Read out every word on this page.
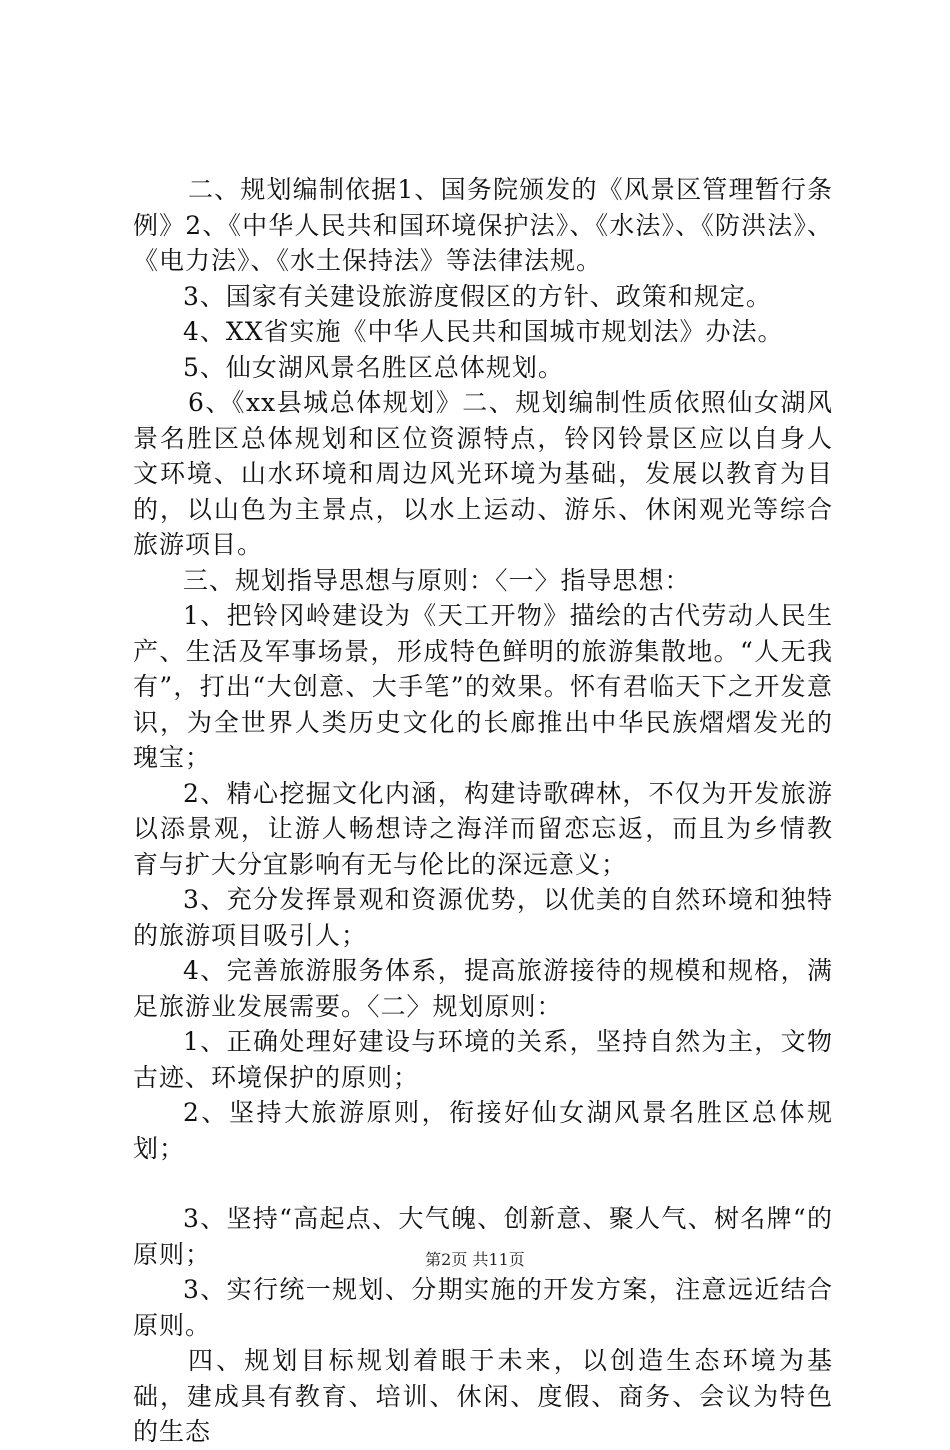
二、规划编制依据1、国务院颁发的《风景区管理暂行条例》2、《中华人民共和国环境保护法》、《水法》、《防洪法》、《电力法》、《水土保持法》等法律法规。

3、国家有关建设旅游度假区的方针、政策和规定。

4、XX省实施《中华人民共和国城市规划法》办法。

5、仙女湖风景名胜区总体规划。

6、《xx县城总体规划》二、规划编制性质依照仙女湖风景名胜区总体规划和区位资源特点，铃冈铃景区应以自身人文环境、山水环境和周边风光环境为基础，发展以教育为目的，以山色为主景点，以水上运动、游乐、休闲观光等综合旅游项目。

三、规划指导思想与原则：〈一〉指导思想：

1、把铃冈岭建设为《天工开物》描绘的古代劳动人民生产、生活及军事场景，形成特色鲜明的旅游集散地。“人无我有”，打出“大创意、大手笔”的效果。怀有君临天下之开发意识，为全世界人类历史文化的长廊推出中华民族熠熠发光的瑰宝；

2、精心挖掘文化内涵，构建诗歌碑林，不仅为开发旅游以添景观，让游人畅想诗之海洋而留恋忘返，而且为乡情教育与扩大分宜影响有无与伦比的深远意义；

3、充分发挥景观和资源优势，以优美的自然环境和独特的旅游项目吸引人；

4、完善旅游服务体系，提高旅游接待的规模和规格，满足旅游业发展需要。〈二〉规划原则：

1、正确处理好建设与环境的关系，坚持自然为主，文物古迹、环境保护的原则；

2、坚持大旅游原则，衔接好仙女湖风景名胜区总体规划；

3、坚持“高起点、大气魄、创新意、聚人气、树名牌“的原则；

3、实行统一规划、分期实施的开发方案，注意远近结合原则。

四、规划目标规划着眼于未来，以创造生态环境为基础，建成具有教育、培训、休闲、度假、商务、会议为特色的生态

第2页 共11页
